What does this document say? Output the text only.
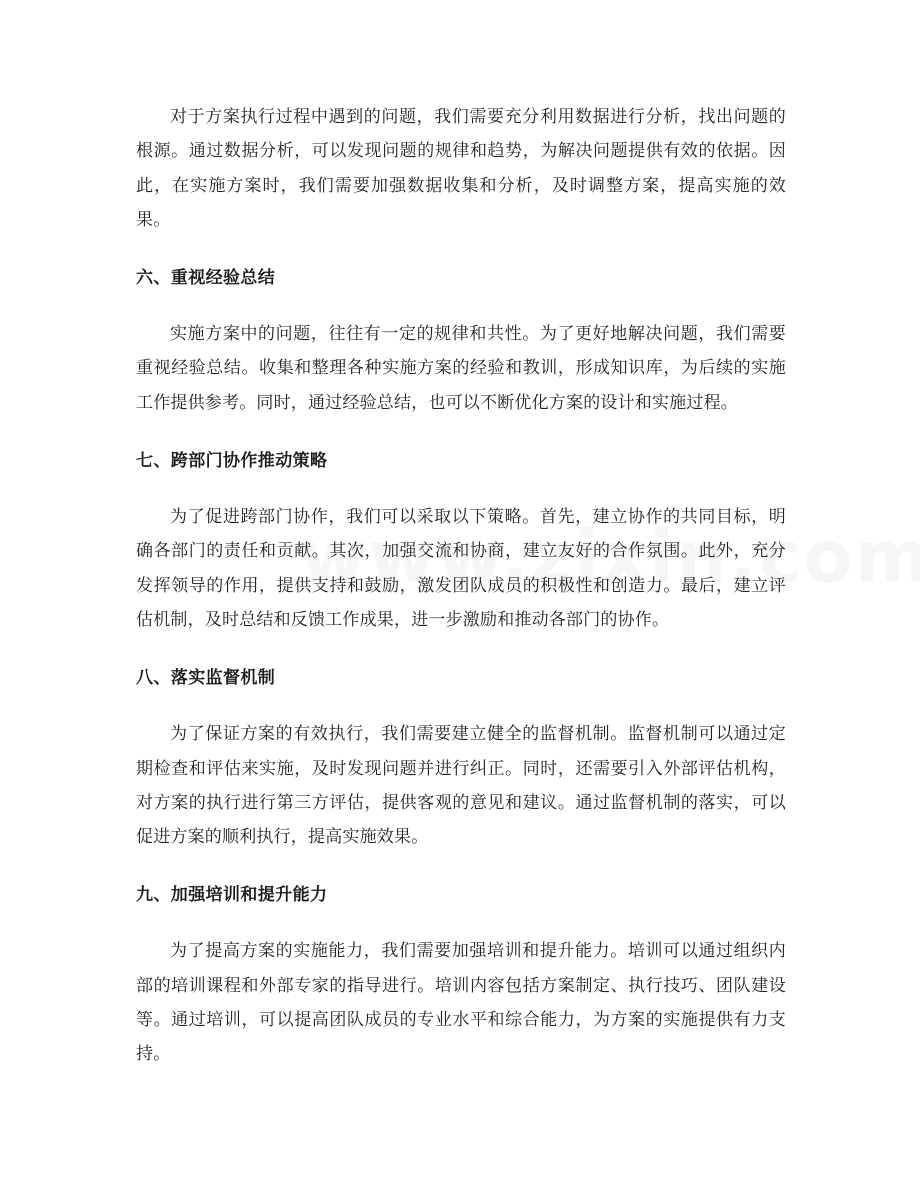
对于方案执行过程中遇到的问题，我们需要充分利用数据进行分析，找出问题的根源。通过数据分析，可以发现问题的规律和趋势，为解决问题提供有效的依据。因此，在实施方案时，我们需要加强数据收集和分析，及时调整方案，提高实施的效果。

六、重视经验总结

实施方案中的问题，往往有一定的规律和共性。为了更好地解决问题，我们需要重视经验总结。收集和整理各种实施方案的经验和教训，形成知识库，为后续的实施工作提供参考。同时，通过经验总结，也可以不断优化方案的设计和实施过程。

七、跨部门协作推动策略

为了促进跨部门协作，我们可以采取以下策略。首先，建立协作的共同目标，明确各部门的责任和贡献。其次，加强交流和协商，建立友好的合作氛围。此外，充分发挥领导的作用，提供支持和鼓励，激发团队成员的积极性和创造力。最后，建立评估机制，及时总结和反馈工作成果，进一步激励和推动各部门的协作。

八、落实监督机制

为了保证方案的有效执行，我们需要建立健全的监督机制。监督机制可以通过定期检查和评估来实施，及时发现问题并进行纠正。同时，还需要引入外部评估机构，对方案的执行进行第三方评估，提供客观的意见和建议。通过监督机制的落实，可以促进方案的顺利执行，提高实施效果。

九、加强培训和提升能力

为了提高方案的实施能力，我们需要加强培训和提升能力。培训可以通过组织内部的培训课程和外部专家的指导进行。培训内容包括方案制定、执行技巧、团队建设等。通过培训，可以提高团队成员的专业水平和综合能力，为方案的实施提供有力支持。
